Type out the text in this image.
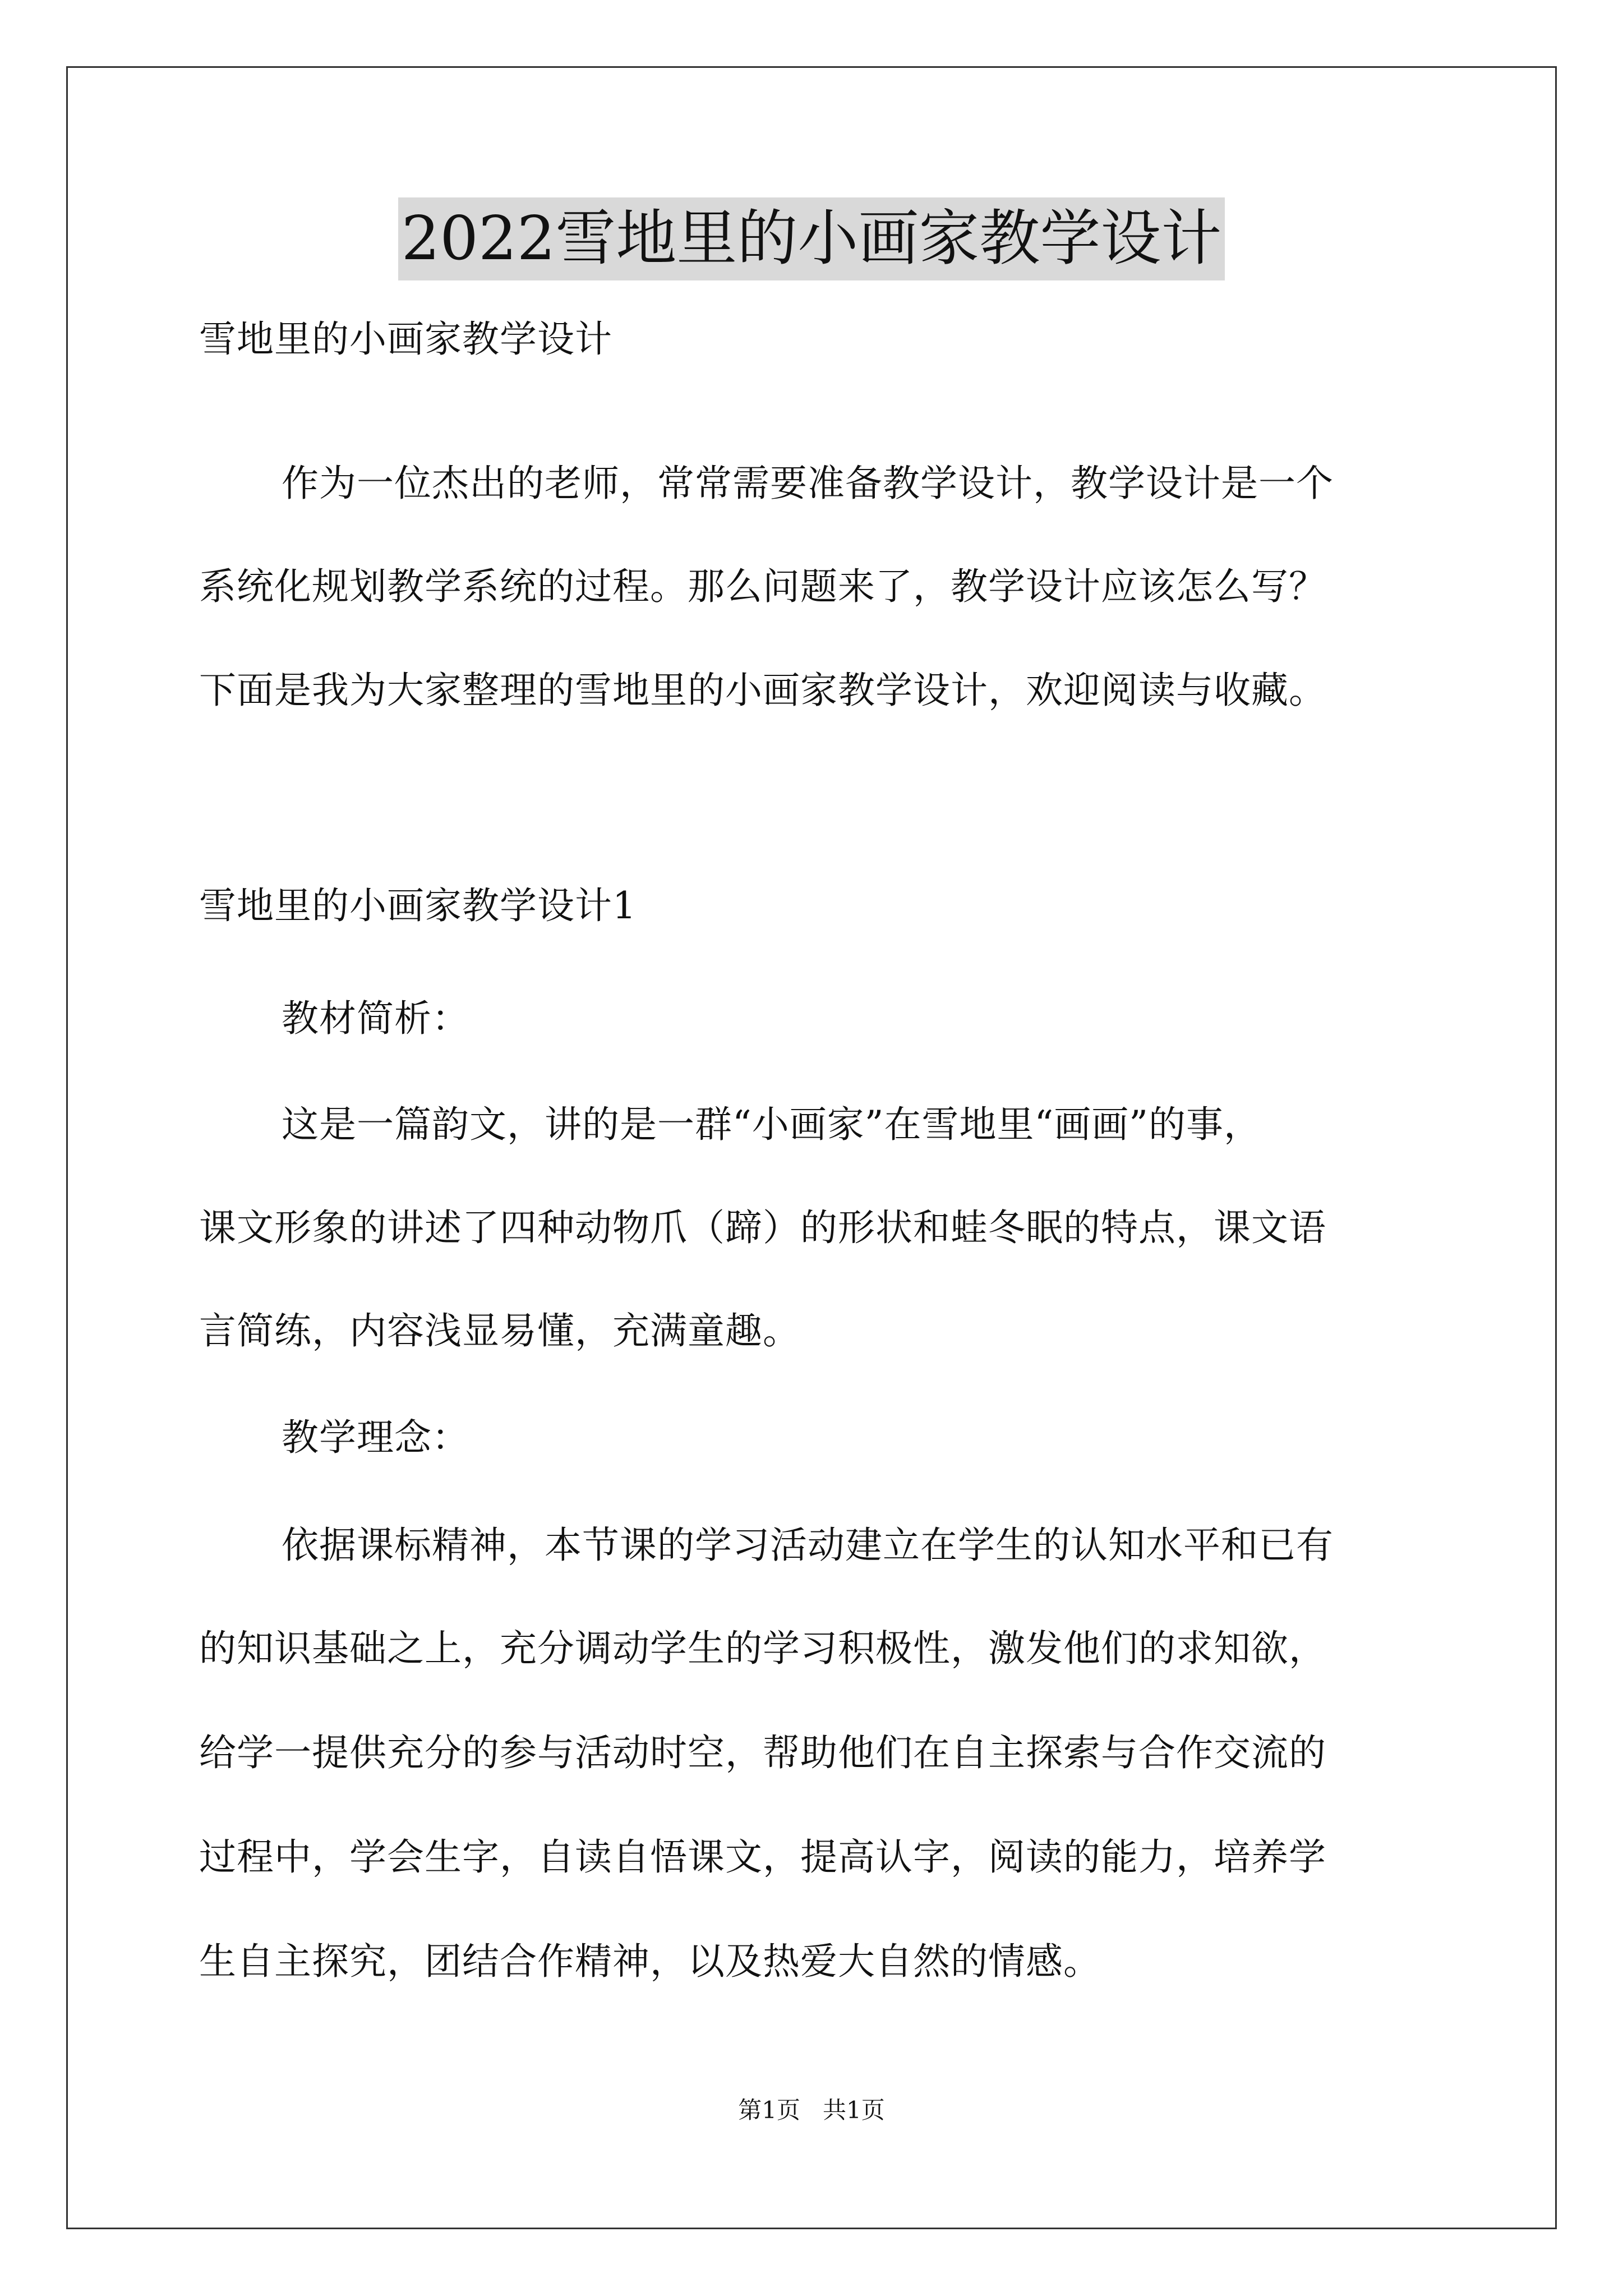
2022雪地里的小画家教学设计
雪地里的小画家教学设计
作为一位杰出的老师，常常需要准备教学设计，教学设计是一个
系统化规划教学系统的过程。那么问题来了，教学设计应该怎么写？
下面是我为大家整理的雪地里的小画家教学设计，欢迎阅读与收藏。
雪地里的小画家教学设计1
教材简析：
这是一篇韵文，讲的是一群“小画家”在雪地里“画画”的事，
课文形象的讲述了四种动物爪（蹄）的形状和蛙冬眠的特点，课文语
言简练，内容浅显易懂，充满童趣。
教学理念：
依据课标精神，本节课的学习活动建立在学生的认知水平和已有
的知识基础之上，充分调动学生的学习积极性，激发他们的求知欲，
给学一提供充分的参与活动时空，帮助他们在自主探索与合作交流的
过程中，学会生字，自读自悟课文，提高认字，阅读的能力，培养学
生自主探究，团结合作精神，以及热爱大自然的情感。
第1页   共1页
